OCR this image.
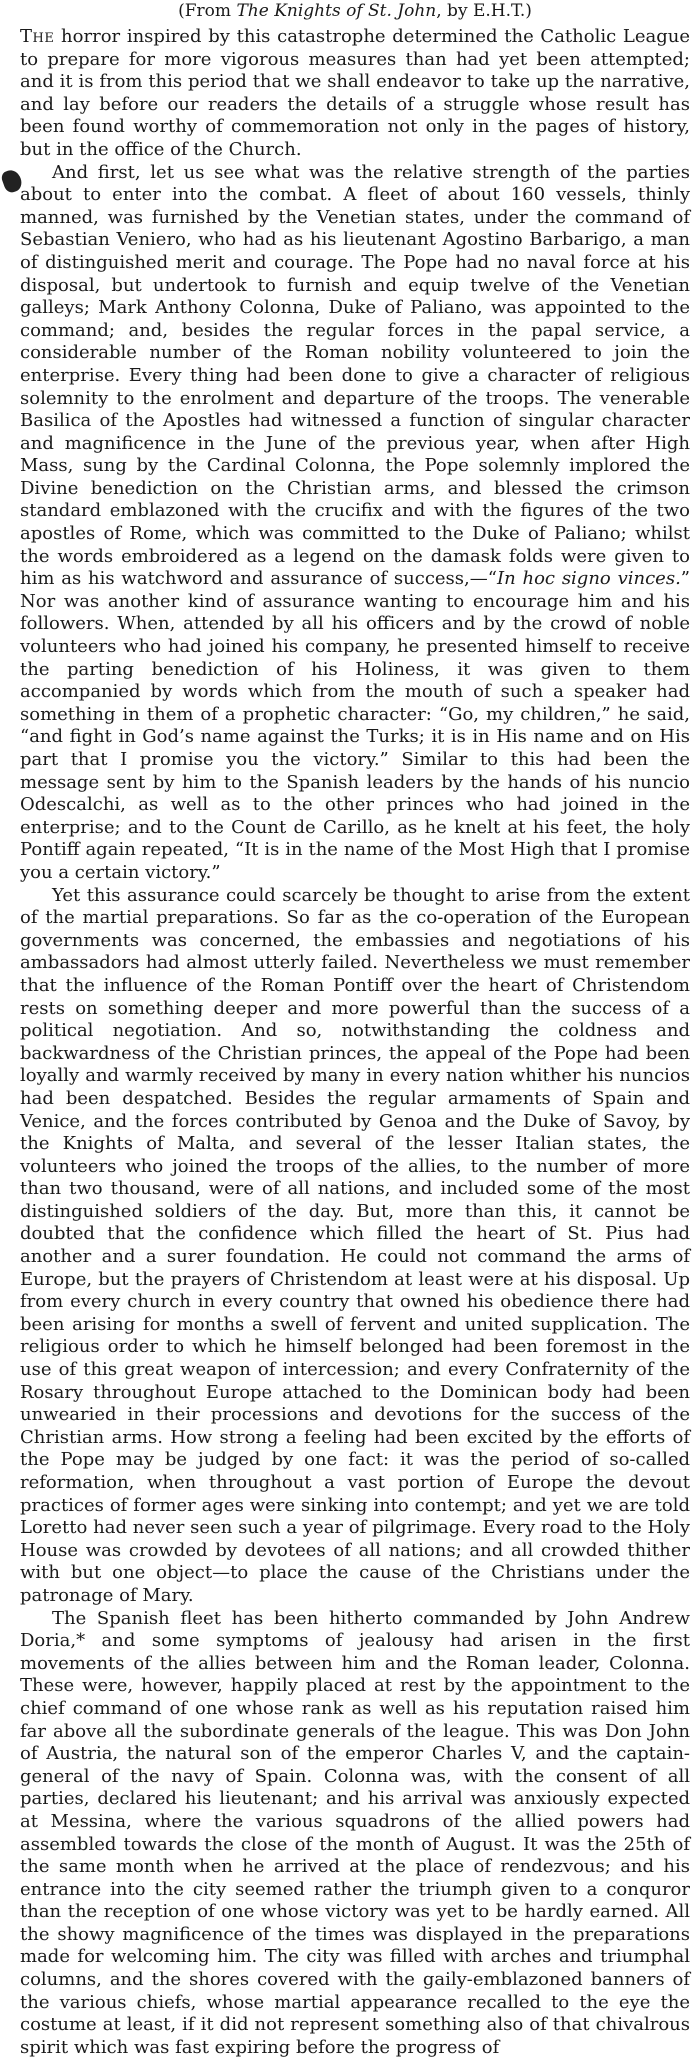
(From The Knights of St. John, by E.H.T.)

The horror inspired by this catastrophe determined the Catholic League to prepare for more vigorous measures than had yet been attempted; and it is from this period that we shall endeavor to take up the narrative, and lay before our readers the details of a struggle whose result has been found worthy of commemoration not only in the pages of history, but in the office of the Church.

And first, let us see what was the relative strength of the parties about to enter into the combat. A fleet of about 160 vessels, thinly manned, was furnished by the Venetian states, under the command of Sebastian Veniero, who had as his lieutenant Agostino Barbarigo, a man of distinguished merit and courage. The Pope had no naval force at his disposal, but undertook to furnish and equip twelve of the Venetian galleys; Mark Anthony Colonna, Duke of Paliano, was appointed to the command; and, besides the regular forces in the papal service, a considerable number of the Roman nobility volunteered to join the enterprise. Every thing had been done to give a character of religious solemnity to the enrolment and departure of the troops. The venerable Basilica of the Apostles had witnessed a function of singular character and magnificence in the June of the previous year, when after High Mass, sung by the Cardinal Colonna, the Pope solemnly implored the Divine benediction on the Christian arms, and blessed the crimson standard emblazoned with the crucifix and with the figures of the two apostles of Rome, which was committed to the Duke of Paliano; whilst the words embroidered as a legend on the damask folds were given to him as his watchword and assurance of success,—“In hoc signo vinces.” Nor was another kind of assurance wanting to encourage him and his followers. When, attended by all his officers and by the crowd of noble volunteers who had joined his company, he presented himself to receive the parting benediction of his Holiness, it was given to them accompanied by words which from the mouth of such a speaker had something in them of a prophetic character: “Go, my children,” he said, “and fight in God’s name against the Turks; it is in His name and on His part that I promise you the victory.” Similar to this had been the message sent by him to the Spanish leaders by the hands of his nuncio Odescalchi, as well as to the other princes who had joined in the enterprise; and to the Count de Carillo, as he knelt at his feet, the holy Pontiff again repeated, “It is in the name of the Most High that I promise you a certain victory.”

Yet this assurance could scarcely be thought to arise from the extent of the martial preparations. So far as the co-operation of the European governments was concerned, the embassies and negotiations of his ambassadors had almost utterly failed. Nevertheless we must remember that the influence of the Roman Pontiff over the heart of Christendom rests on something deeper and more powerful than the success of a political negotiation. And so, notwithstanding the coldness and backwardness of the Christian princes, the appeal of the Pope had been loyally and warmly received by many in every nation whither his nuncios had been despatched. Besides the regular armaments of Spain and Venice, and the forces contributed by Genoa and the Duke of Savoy, by the Knights of Malta, and several of the lesser Italian states, the volunteers who joined the troops of the allies, to the number of more than two thousand, were of all nations, and included some of the most distinguished soldiers of the day. But, more than this, it cannot be doubted that the confidence which filled the heart of St. Pius had another and a surer foundation. He could not command the arms of Europe, but the prayers of Christendom at least were at his disposal. Up from every church in every country that owned his obedience there had been arising for months a swell of fervent and united supplication. The religious order to which he himself belonged had been foremost in the use of this great weapon of intercession; and every Confraternity of the Rosary throughout Europe attached to the Dominican body had been unwearied in their processions and devotions for the success of the Christian arms. How strong a feeling had been excited by the efforts of the Pope may be judged by one fact: it was the period of so-called reformation, when throughout a vast portion of Europe the devout practices of former ages were sinking into contempt; and yet we are told Loretto had never seen such a year of pilgrimage. Every road to the Holy House was crowded by devotees of all nations; and all crowded thither with but one object—to place the cause of the Christians under the patronage of Mary.

The Spanish fleet has been hitherto commanded by John Andrew Doria,* and some symptoms of jealousy had arisen in the first movements of the allies between him and the Roman leader, Colonna. These were, however, happily placed at rest by the appointment to the chief command of one whose rank as well as his reputation raised him far above all the subordinate generals of the league. This was Don John of Austria, the natural son of the emperor Charles V, and the captain-general of the navy of Spain. Colonna was, with the consent of all parties, declared his lieutenant; and his arrival was anxiously expected at Messina, where the various squadrons of the allied powers had assembled towards the close of the month of August. It was the 25th of the same month when he arrived at the place of rendezvous; and his entrance into the city seemed rather the triumph given to a conquror than the reception of one whose victory was yet to be hardly earned. All the showy magnificence of the times was displayed in the preparations made for welcoming him. The city was filled with arches and triumphal columns, and the shores covered with the gaily-emblazoned banners of the various chiefs, whose martial appearance recalled to the eye the costume at least, if it did not represent something also of that chivalrous spirit which was fast expiring before the progress of
